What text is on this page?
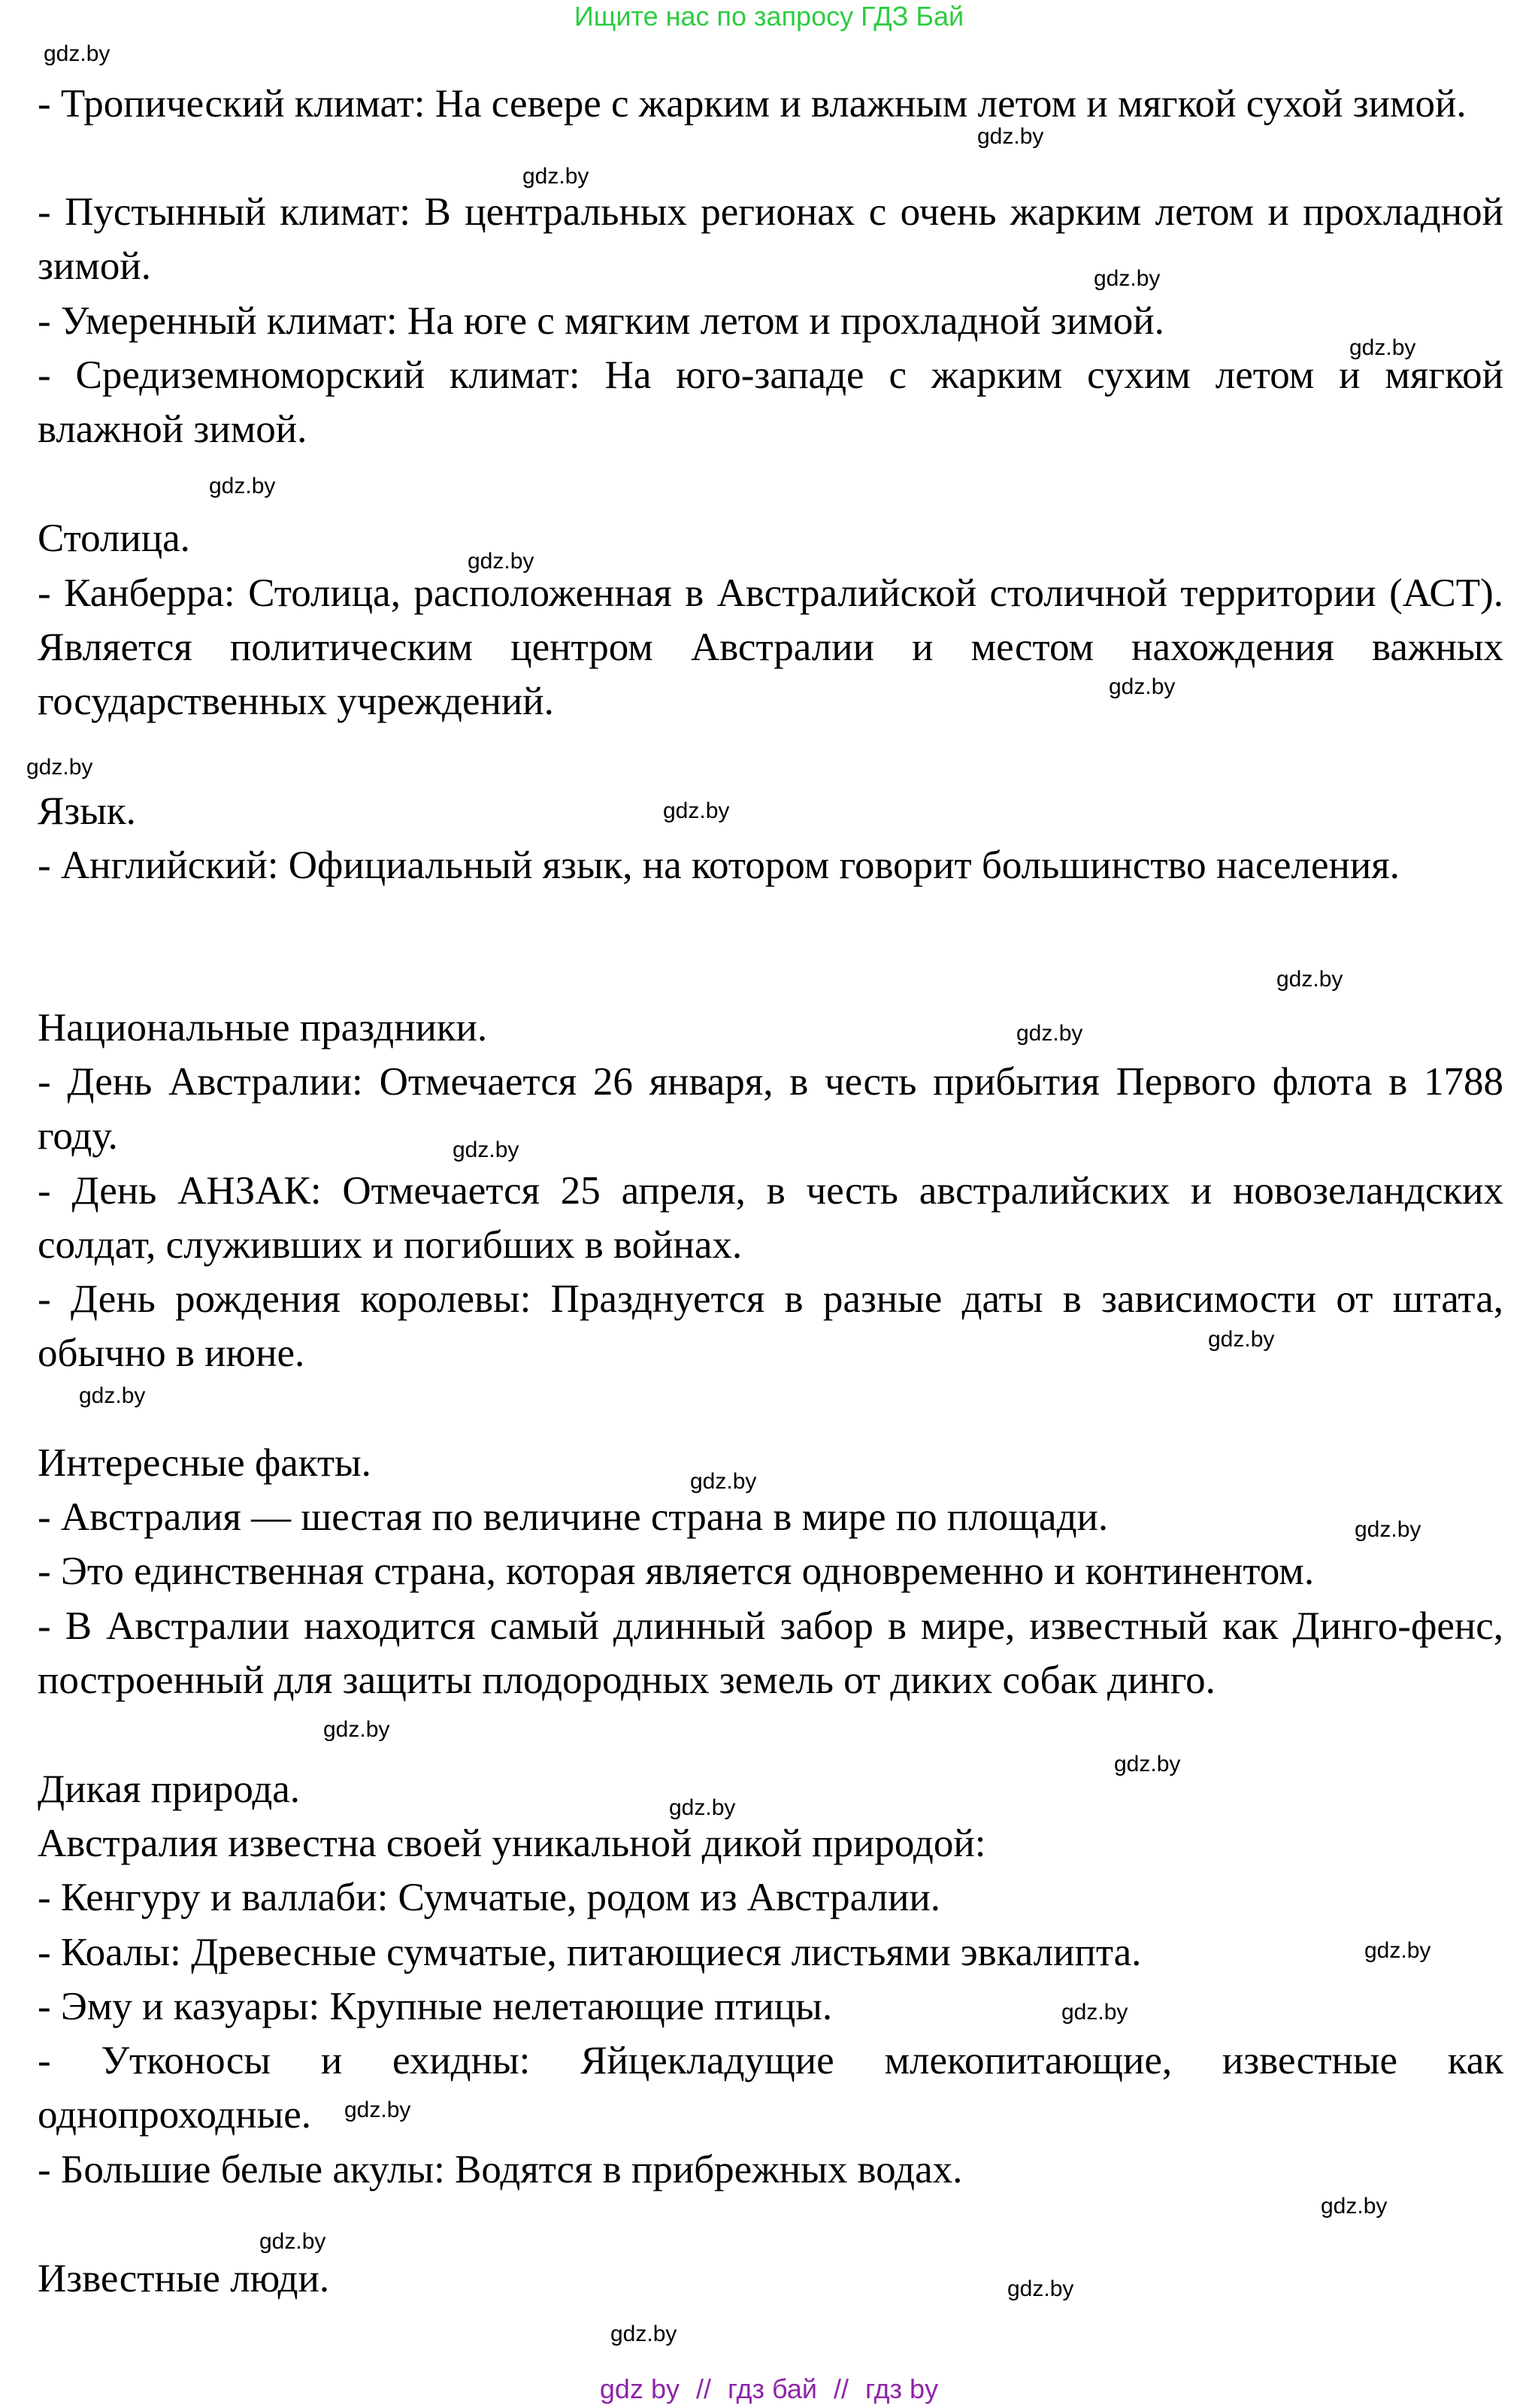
Ищите нас по запросу ГДЗ Бай
gdz.by
gdz.by
gdz.by
gdz.by
gdz.by
gdz.by
gdz.by
gdz.by
gdz.by
gdz.by
gdz.by
gdz.by
gdz.by
gdz.by
gdz.by
gdz.by
gdz.by
gdz.by
gdz.by
gdz.by
gdz.by
gdz.by
gdz.by
gdz.by
gdz.by
gdz.by
gdz.by
- Тропический климат: На севере с жарким и влажным летом и мягкой сухой зимой.
- Пустынный климат: В центральных регионах с очень жарким летом и прохладной зимой.
- Умеренный климат: На юге с мягким летом и прохладной зимой.
- Средиземноморский климат: На юго-западе с жарким сухим летом и мягкой влажной зимой.
Столица.
- Канберра: Столица, расположенная в Австралийской столичной территории (АСТ). Является политическим центром Австралии и местом нахождения важных государственных учреждений.
Язык.
- Английский: Официальный язык, на котором говорит большинство населения.
Национальные праздники.
- День Австралии: Отмечается 26 января, в честь прибытия Первого флота в 1788 году.
- День АНЗАК: Отмечается 25 апреля, в честь австралийских и новозеландских солдат, служивших и погибших в войнах.
- День рождения королевы: Празднуется в разные даты в зависимости от штата, обычно в июне.
Интересные факты.
- Австралия — шестая по величине страна в мире по площади.
- Это единственная страна, которая является одновременно и континентом.
- В Австралии находится самый длинный забор в мире, известный как Динго-фенс, построенный для защиты плодородных земель от диких собак динго.
Дикая природа.
Австралия известна своей уникальной дикой природой:
- Кенгуру и валлаби: Сумчатые, родом из Австралии.
- Коалы: Древесные сумчатые, питающиеся листьями эвкалипта.
- Эму и казуары: Крупные нелетающие птицы.
- Утконосы и ехидны: Яйцекладущие млекопитающие, известные как однопроходные.
- Большие белые акулы: Водятся в прибрежных водах.
Известные люди.
gdz by // гдз бай // гдз by
